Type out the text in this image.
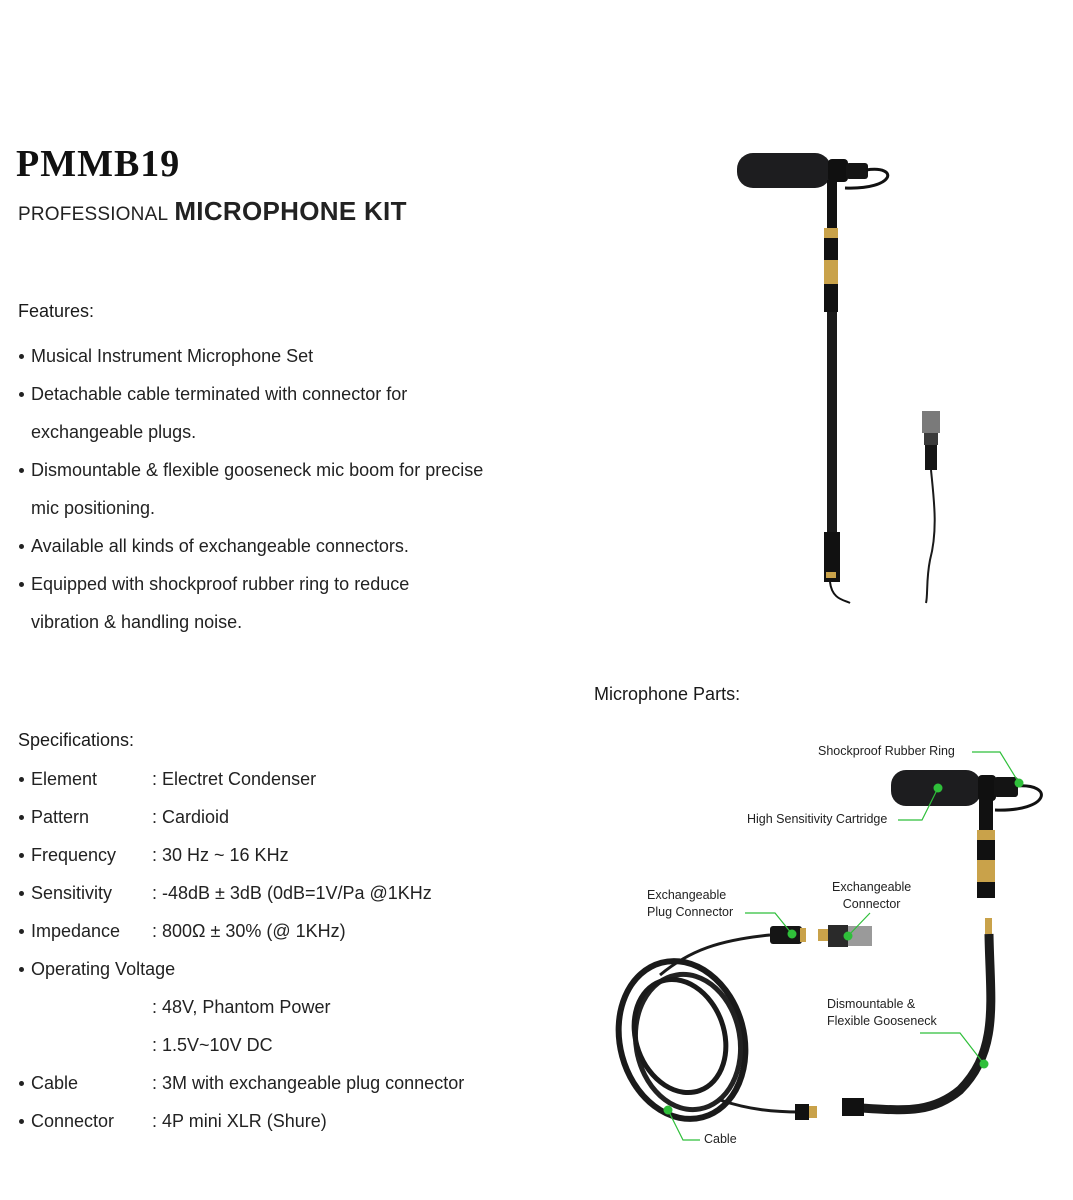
PMMB19
PROFESSIONAL MICROPHONE KIT
Features:
Musical Instrument Microphone Set
Detachable cable terminated with connector for exchangeable plugs.
Dismountable & flexible gooseneck mic boom for precise mic positioning.
Available all kinds of exchangeable connectors.
Equipped with shockproof rubber ring to reduce vibration & handling noise.
Specifications:
Element	: Electret Condenser
Pattern	: Cardioid
Frequency : 30 Hz ~ 16 KHz
Sensitivity : -48dB ± 3dB (0dB=1V/Pa @1KHz
Impedance : 800Ω ± 30% (@ 1KHz)
Operating Voltage
: 48V, Phantom Power
: 1.5V~10V DC
Cable	: 3M with exchangeable plug connector
Connector : 4P mini XLR (Shure)
Microphone Parts:
Shockproof Rubber Ring
High Sensitivity Cartridge
Exchangeable
Plug Connector
Exchangeable
Connector
Dismountable &
Flexible Gooseneck
Cable
